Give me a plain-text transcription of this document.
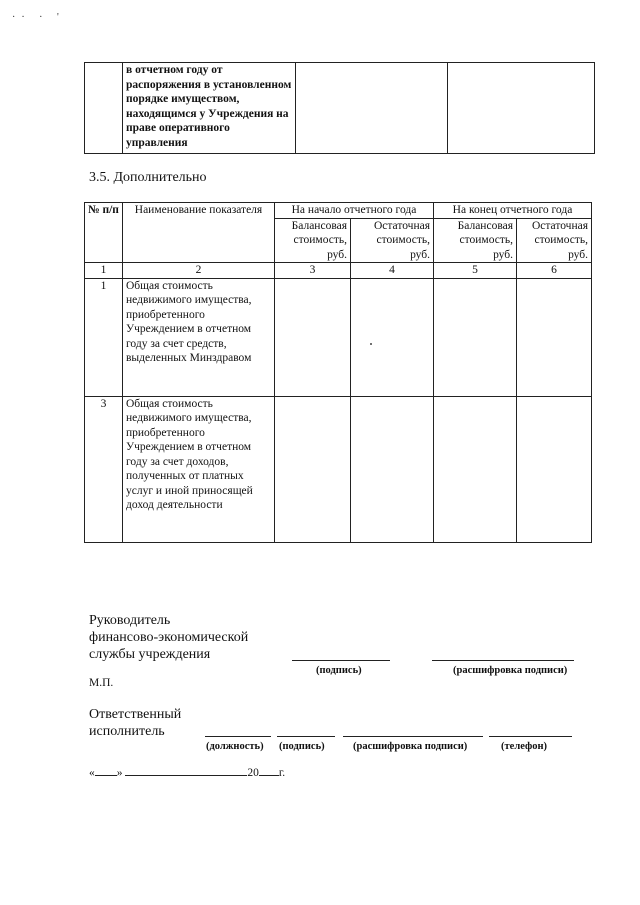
·· · '
	в отчетном году от распоряжения в установленном порядке имуществом, находящимся у Учреждения на праве оперативного управления		
3.5. Дополнительно
№ п/п	Наименование показателя	На начало отчетного года		На конец отчетного года	
		Балансовая стоимость, руб.	Остаточная стоимость, руб.	Балансовая стоимость, руб.	Остаточная стоимость, руб.
1	2	3	4	5	6
1	Общая стоимость недвижимого имущества, приобретенного Учреждением в отчетном году за счет средств, выделенных Минздравом				
3	Общая стоимость недвижимого имущества, приобретенного Учреждением в отчетном году за счет доходов, полученных от платных услуг и иной приносящей доход деятельности				
Руководитель
финансово-экономической
службы учреждения
(подпись)	(расшифровка подписи)
М.П.
Ответственный
исполнитель
(должность) (подпись)	(расшифровка подписи)	(телефон)
« »	20 г.
